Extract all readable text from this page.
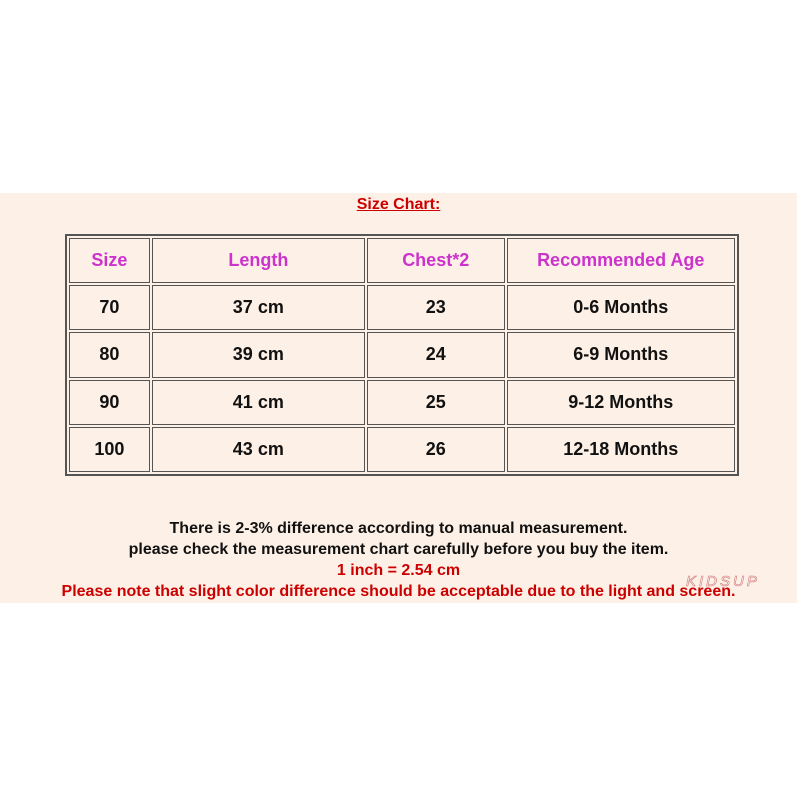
Size Chart:
Size	Length	Chest*2	Recommended Age
70	37 cm	23	0-6 Months
80	39 cm	24	6-9 Months
90	41 cm	25	9-12 Months
100	43 cm	26	12-18 Months
There is 2-3% difference according to manual measurement.
please check the measurement chart carefully before you buy the item.
1 inch = 2.54 cm
Please note that slight color difference should be acceptable due to the light and screen.
KIDSUP
